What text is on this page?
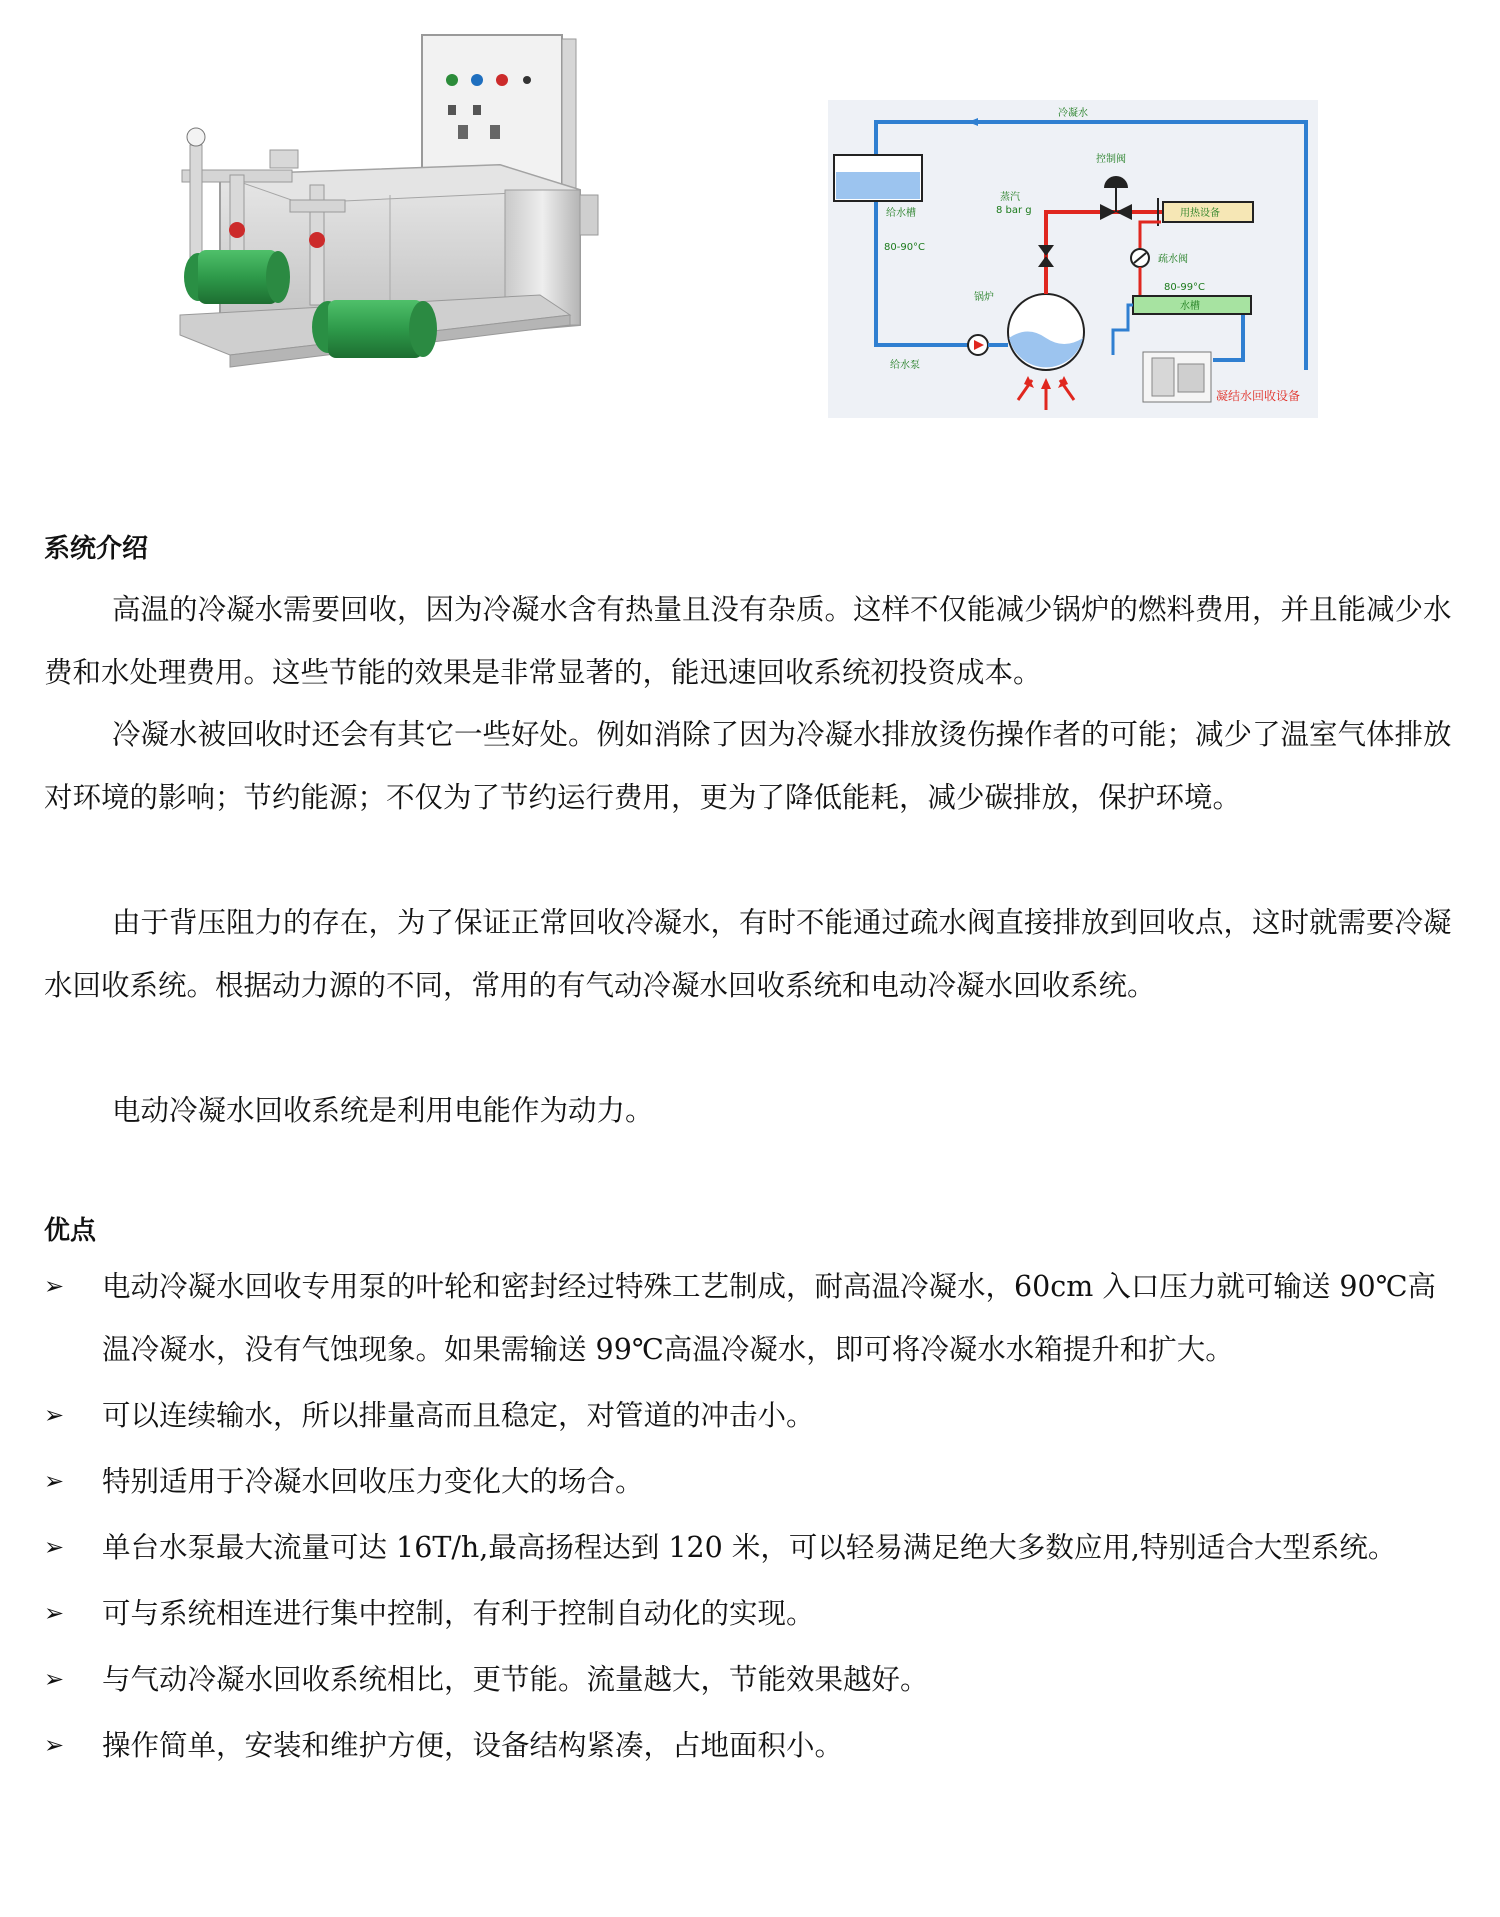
冷凝水
控制阀
蒸汽
8 bar g	用热设备
疏水阀
80-99°C
水槽
给水槽
80-90°C
锅炉
给水泵
凝结水回收设备
系统介绍

高温的冷凝水需要回收，因为冷凝水含有热量且没有杂质。这样不仅能减少锅炉的燃料费用，并且能减少水费和水处理费用。这些节能的效果是非常显著的，能迅速回收系统初投资成本。

冷凝水被回收时还会有其它一些好处。例如消除了因为冷凝水排放烫伤操作者的可能；减少了温室气体排放对环境的影响；节约能源；不仅为了节约运行费用，更为了降低能耗，减少碳排放，保护环境。

由于背压阻力的存在，为了保证正常回收冷凝水，有时不能通过疏水阀直接排放到回收点，这时就需要冷凝水回收系统。根据动力源的不同，常用的有气动冷凝水回收系统和电动冷凝水回收系统。

电动冷凝水回收系统是利用电能作为动力。

优点
➢ 电动冷凝水回收专用泵的叶轮和密封经过特殊工艺制成，耐高温冷凝水，60cm 入口压力就可输送 90℃高温冷凝水，没有气蚀现象。如果需输送 99℃高温冷凝水，即可将冷凝水水箱提升和扩大。
➢ 可以连续输水，所以排量高而且稳定，对管道的冲击小。
➢ 特别适用于冷凝水回收压力变化大的场合。
➢ 单台水泵最大流量可达 16T/h,最高扬程达到 120 米，可以轻易满足绝大多数应用,特别适合大型系统。
➢ 可与系统相连进行集中控制，有利于控制自动化的实现。
➢ 与气动冷凝水回收系统相比，更节能。流量越大，节能效果越好。
➢ 操作简单，安装和维护方便，设备结构紧凑，占地面积小。
